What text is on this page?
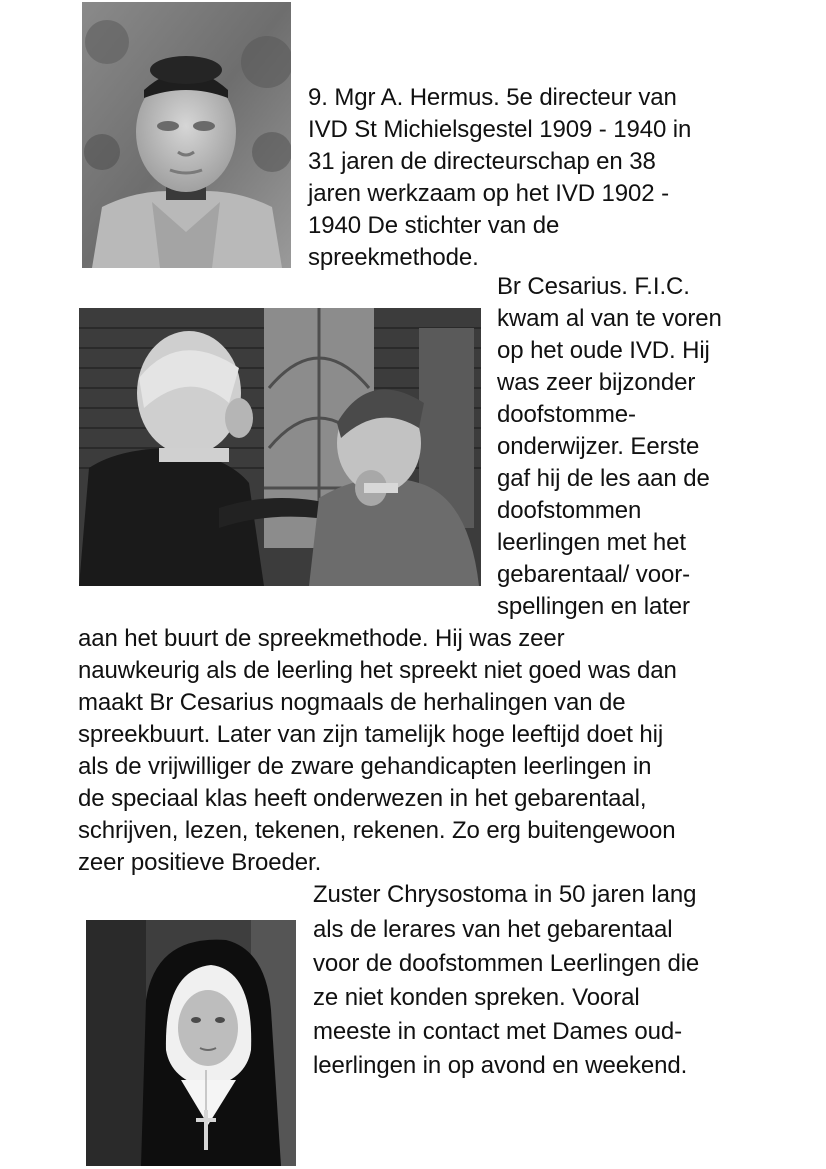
9. Mgr A. Hermus. 5e directeur van
IVD St Michielsgestel 1909 - 1940 in
31 jaren de directeurschap en 38
jaren werkzaam op het IVD 1902 -
1940 De stichter van de
spreekmethode.
Br Cesarius. F.I.C.
kwam al van te voren
op het oude IVD. Hij
was zeer bijzonder
doofstomme-
onderwijzer. Eerste
gaf hij de les aan de
doofstommen
leerlingen met het
gebarentaal/ voor-
spellingen en later
aan het buurt de spreekmethode. Hij was zeer
nauwkeurig als de leerling het spreekt niet goed was dan
maakt Br Cesarius nogmaals de herhalingen van de
spreekbuurt. Later van zijn tamelijk hoge leeftijd doet hij
als de vrijwilliger de zware gehandicapten leerlingen in
de speciaal klas heeft onderwezen in het gebarentaal,
schrijven, lezen, tekenen, rekenen. Zo erg buitengewoon
zeer positieve Broeder.
Zuster Chrysostoma in 50 jaren lang
als de lerares van het gebarentaal
voor de doofstommen Leerlingen die
ze niet konden spreken. Vooral
meeste in contact met Dames oud-
leerlingen in op avond en weekend.
